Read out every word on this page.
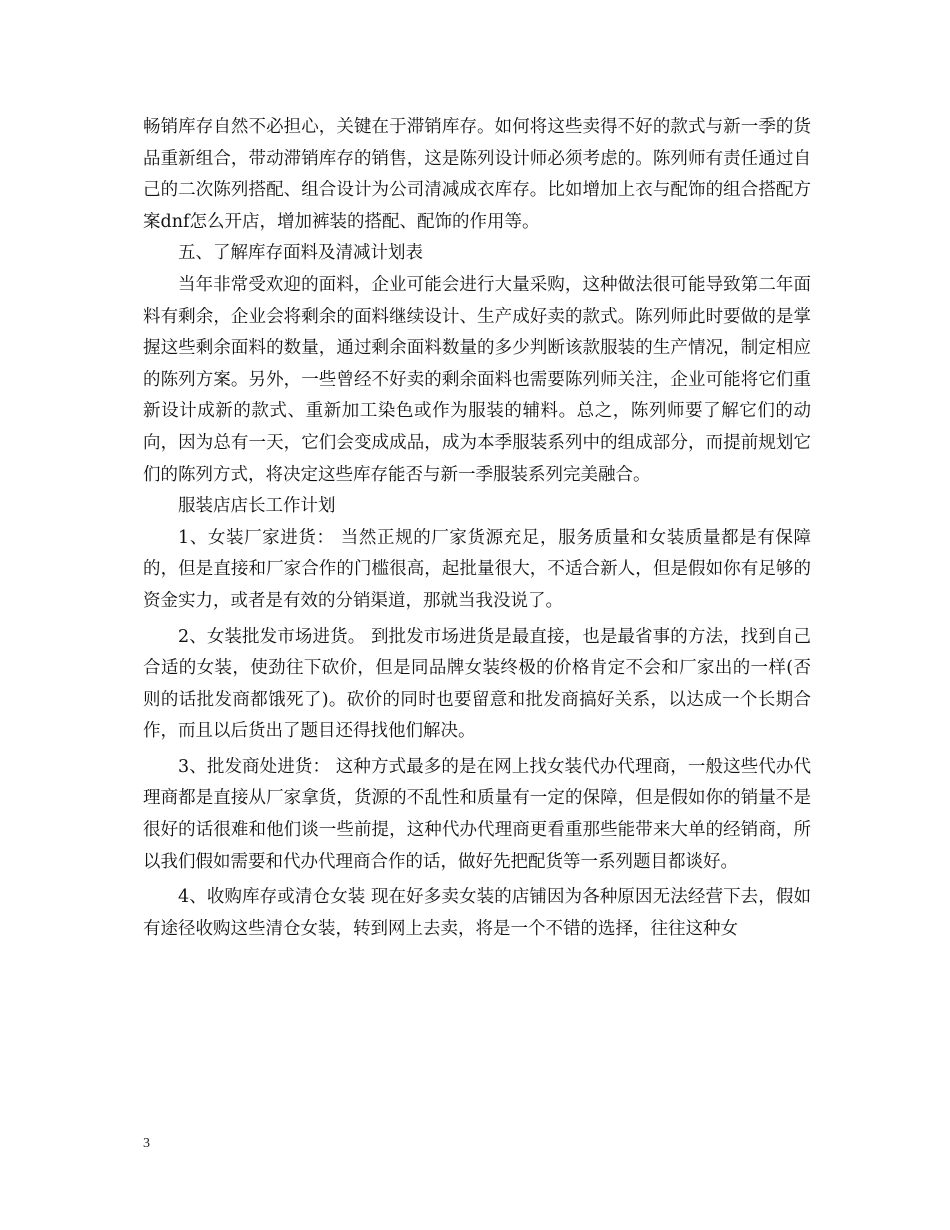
畅销库存自然不必担心，关键在于滞销库存。如何将这些卖得不好的款式与新一季的货品重新组合，带动滞销库存的销售，这是陈列设计师必须考虑的。陈列师有责任通过自己的二次陈列搭配、组合设计为公司清减成衣库存。比如增加上衣与配饰的组合搭配方案dnf怎么开店，增加裤装的搭配、配饰的作用等。

五、了解库存面料及清减计划表

当年非常受欢迎的面料，企业可能会进行大量采购，这种做法很可能导致第二年面料有剩余，企业会将剩余的面料继续设计、生产成好卖的款式。陈列师此时要做的是掌握这些剩余面料的数量，通过剩余面料数量的多少判断该款服装的生产情况，制定相应的陈列方案。另外，一些曾经不好卖的剩余面料也需要陈列师关注，企业可能将它们重新设计成新的款式、重新加工染色或作为服装的辅料。总之，陈列师要了解它们的动向，因为总有一天，它们会变成成品，成为本季服装系列中的组成部分，而提前规划它们的陈列方式，将决定这些库存能否与新一季服装系列完美融合。

服装店店长工作计划

1、女装厂家进货： 当然正规的厂家货源充足，服务质量和女装质量都是有保障的，但是直接和厂家合作的门槛很高，起批量很大，不适合新人，但是假如你有足够的资金实力，或者是有效的分销渠道，那就当我没说了。

2、女装批发市场进货。 到批发市场进货是最直接，也是最省事的方法，找到自己合适的女装，使劲往下砍价，但是同品牌女装终极的价格肯定不会和厂家出的一样(否则的话批发商都饿死了)。砍价的同时也要留意和批发商搞好关系，以达成一个长期合作，而且以后货出了题目还得找他们解决。

3、批发商处进货： 这种方式最多的是在网上找女装代办代理商，一般这些代办代理商都是直接从厂家拿货，货源的不乱性和质量有一定的保障，但是假如你的销量不是很好的话很难和他们谈一些前提，这种代办代理商更看重那些能带来大单的经销商，所以我们假如需要和代办代理商合作的话，做好先把配货等一系列题目都谈好。

4、收购库存或清仓女装 现在好多卖女装的店铺因为各种原因无法经营下去，假如有途径收购这些清仓女装，转到网上去卖，将是一个不错的选择，往往这种女

3
